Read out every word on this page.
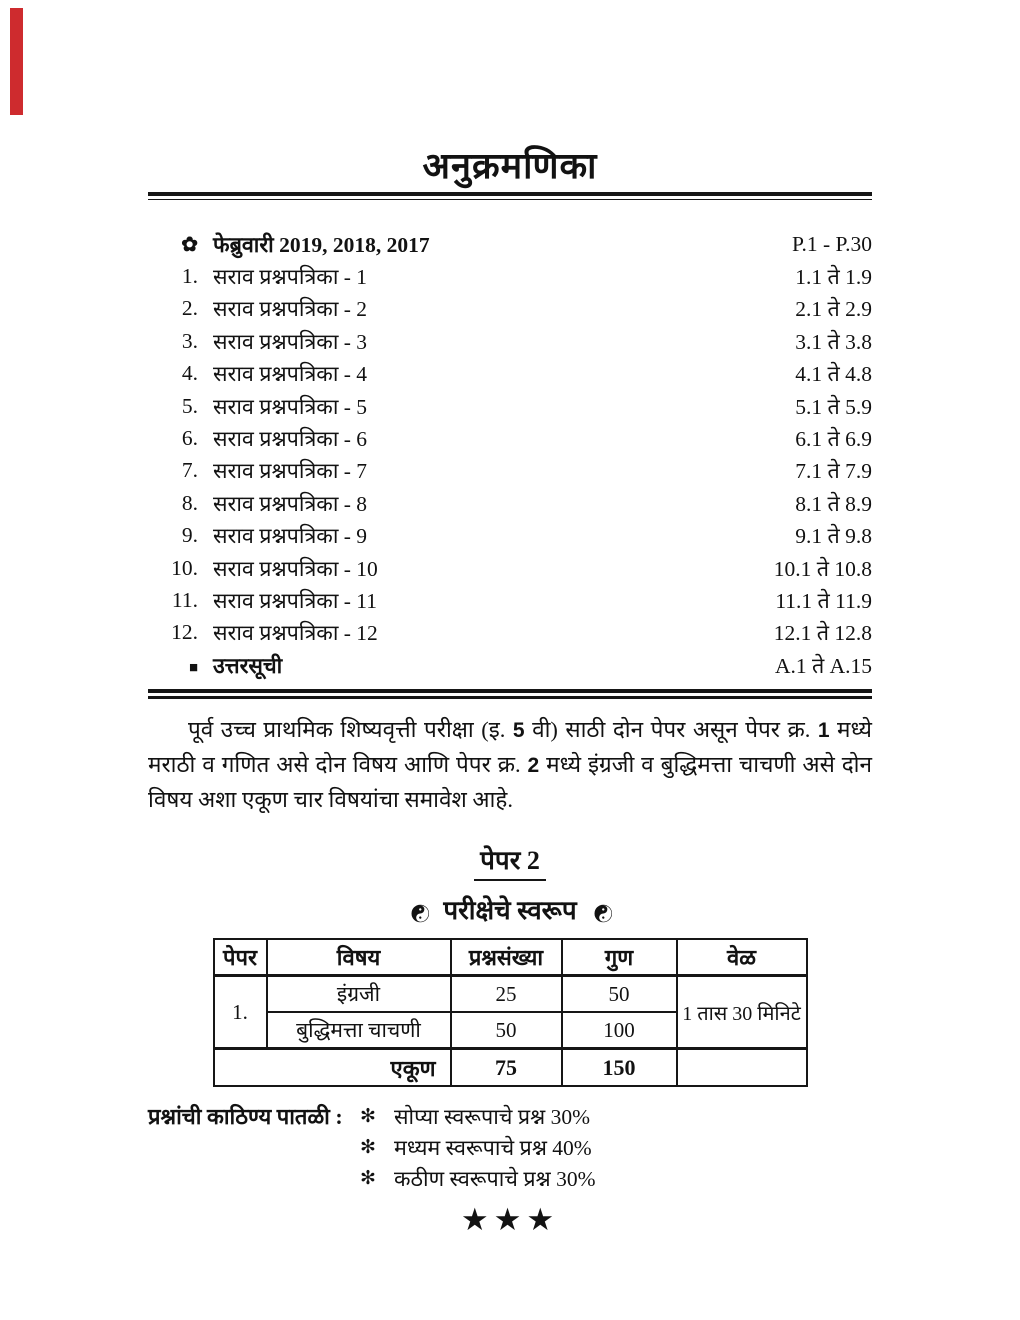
अनुक्रमणिका
✿ फेब्रुवारी 2019, 2018, 2017	P.1 - P.30
1. सराव प्रश्नपत्रिका - 1	1.1 ते 1.9
2. सराव प्रश्नपत्रिका - 2	2.1 ते 2.9
3. सराव प्रश्नपत्रिका - 3	3.1 ते 3.8
4. सराव प्रश्नपत्रिका - 4	4.1 ते 4.8
5. सराव प्रश्नपत्रिका - 5	5.1 ते 5.9
6. सराव प्रश्नपत्रिका - 6	6.1 ते 6.9
7. सराव प्रश्नपत्रिका - 7	7.1 ते 7.9
8. सराव प्रश्नपत्रिका - 8	8.1 ते 8.9
9. सराव प्रश्नपत्रिका - 9	9.1 ते 9.8
10. सराव प्रश्नपत्रिका - 10	10.1 ते 10.8
11. सराव प्रश्नपत्रिका - 11	11.1 ते 11.9
12. सराव प्रश्नपत्रिका - 12	12.1 ते 12.8
■ उत्तरसूची	A.1 ते A.15

पूर्व उच्च प्राथमिक शिष्यवृत्ती परीक्षा (इ. 5 वी) साठी दोन पेपर असून पेपर क्र. 1 मध्ये मराठी व गणित असे दोन विषय आणि पेपर क्र. 2 मध्ये इंग्रजी व बुद्धिमत्ता चाचणी असे दोन विषय अशा एकूण चार विषयांचा समावेश आहे.

पेपर 2
☯ परीक्षेचे स्वरूप ☯
पेपर	विषय	प्रश्नसंख्या	गुण	वेळ
1.	इंग्रजी	25	50	1 तास 30 मिनिटे
	बुद्धिमत्ता चाचणी	50	100	
एकूण		75	150	
प्रश्नांची काठिण्य पातळी : ✻ सोप्या स्वरूपाचे प्रश्न 30%
✻ मध्यम स्वरूपाचे प्रश्न 40%
✻ कठीण स्वरूपाचे प्रश्न 30%
★★★
